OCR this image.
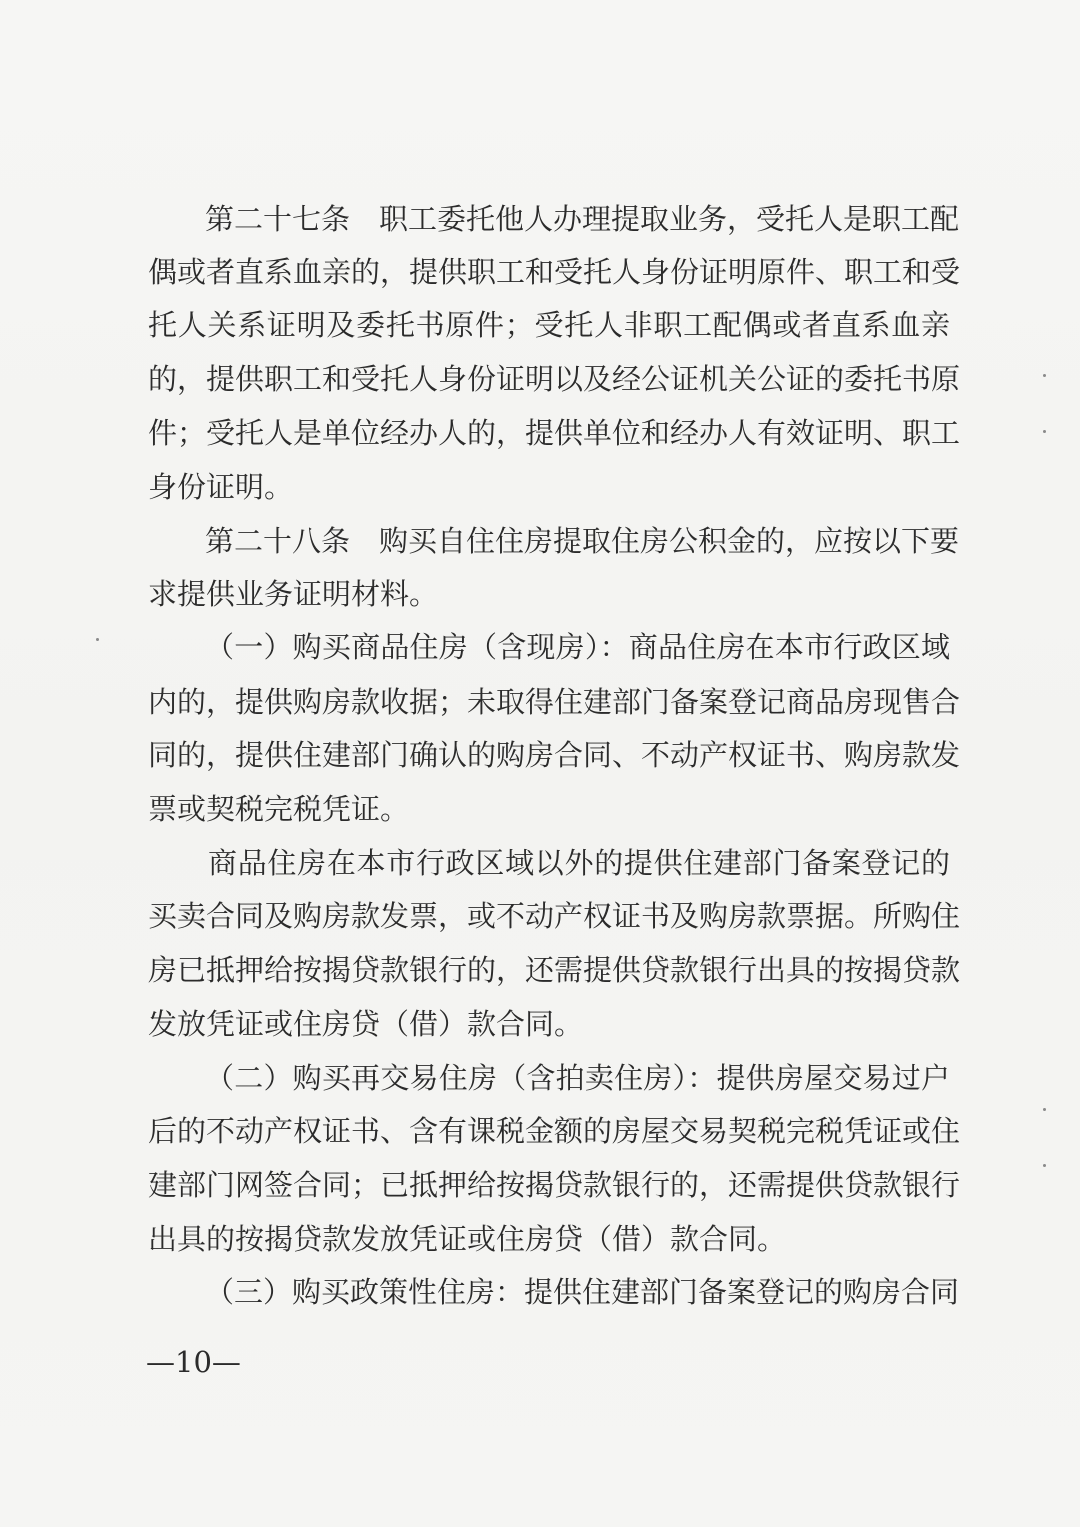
第二十七条　职工委托他人办理提取业务，受托人是职工配
偶或者直系血亲的，提供职工和受托人身份证明原件、职工和受
托人关系证明及委托书原件；受托人非职工配偶或者直系血亲
的，提供职工和受托人身份证明以及经公证机关公证的委托书原
件；受托人是单位经办人的，提供单位和经办人有效证明、职工
身份证明。
第二十八条　购买自住住房提取住房公积金的，应按以下要
求提供业务证明材料。
（一）购买商品住房（含现房）：商品住房在本市行政区域
内的，提供购房款收据；未取得住建部门备案登记商品房现售合
同的，提供住建部门确认的购房合同、不动产权证书、购房款发
票或契税完税凭证。
商品住房在本市行政区域以外的提供住建部门备案登记的
买卖合同及购房款发票，或不动产权证书及购房款票据。所购住
房已抵押给按揭贷款银行的，还需提供贷款银行出具的按揭贷款
发放凭证或住房贷（借）款合同。
（二）购买再交易住房（含拍卖住房）：提供房屋交易过户
后的不动产权证书、含有课税金额的房屋交易契税完税凭证或住
建部门网签合同；已抵押给按揭贷款银行的，还需提供贷款银行
出具的按揭贷款发放凭证或住房贷（借）款合同。
（三）购买政策性住房：提供住建部门备案登记的购房合同
—10—
